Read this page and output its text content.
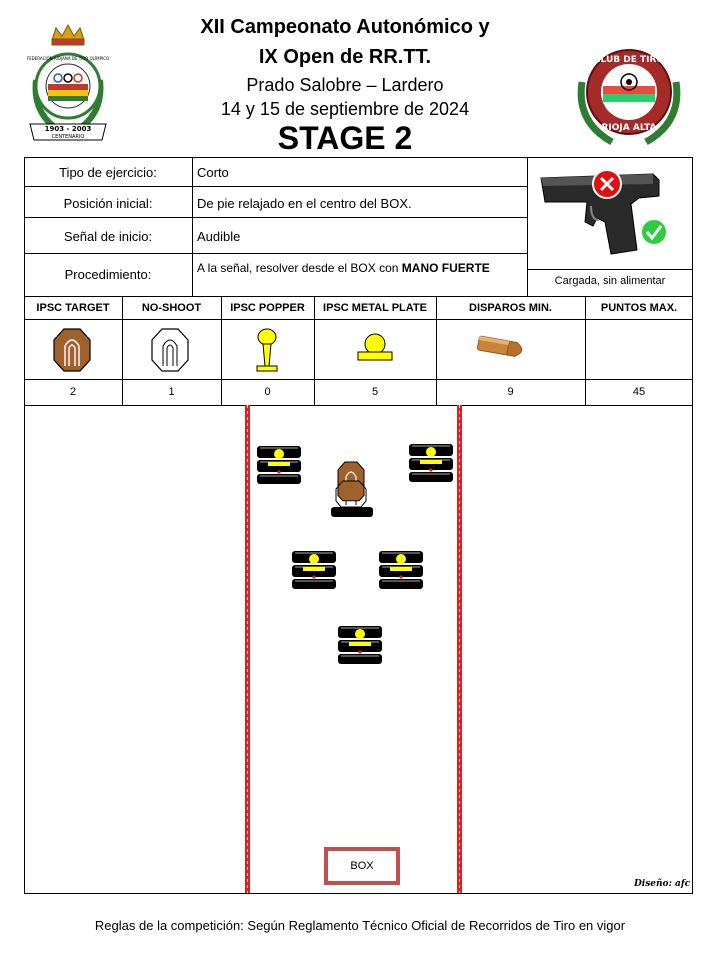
FEDERACIÓN RIOJANA DE TIRO OLÍMPICO
1903 - 2003
CENTENARIO
XII Campeonato Autonómico y
IX Open de RR.TT.
Prado Salobre – Lardero
14 y 15 de septiembre de 2024
STAGE 2
CLUB DE TIRO
RIOJA ALTA
Tipo de ejercicio:	Corto
Posición inicial:	De pie relajado en el centro del BOX.
Señal de inicio:	Audible
Procedimiento:	A la señal, resolver desde el BOX con MANO FUERTE
Cargada, sin alimentar
IPSC TARGET	NO-SHOOT	IPSC POPPER	IPSC METAL PLATE	DISPAROS MIN.	PUNTOS MAX.
2	1	0	5	9	45
BOX
Diseño: afc
Reglas de la competición: Según Reglamento Técnico Oficial de Recorridos de Tiro en vigor
